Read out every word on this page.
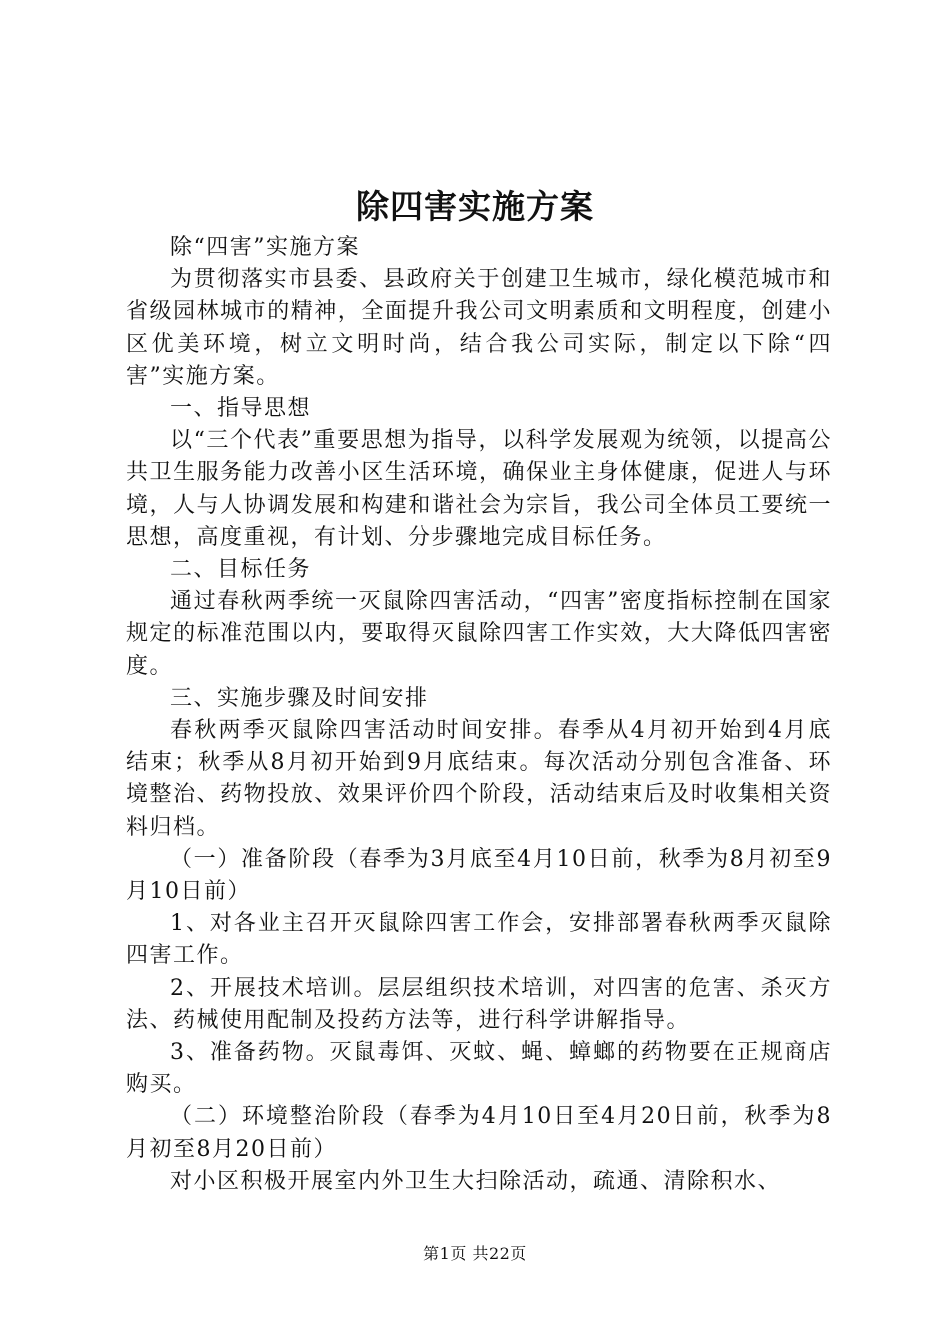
除四害实施方案

除“四害”实施方案

为贯彻落实市县委、县政府关于创建卫生城市，绿化模范城市和省级园林城市的精神，全面提升我公司文明素质和文明程度，创建小区优美环境，树立文明时尚，结合我公司实际，制定以下除“四害”实施方案。

一、指导思想

以“三个代表”重要思想为指导，以科学发展观为统领，以提高公共卫生服务能力改善小区生活环境，确保业主身体健康，促进人与环境，人与人协调发展和构建和谐社会为宗旨，我公司全体员工要统一思想，高度重视，有计划、分步骤地完成目标任务。

二、目标任务

通过春秋两季统一灭鼠除四害活动，“四害”密度指标控制在国家规定的标准范围以内，要取得灭鼠除四害工作实效，大大降低四害密度。

三、实施步骤及时间安排

春秋两季灭鼠除四害活动时间安排。春季从4月初开始到4月底结束；秋季从8月初开始到9月底结束。每次活动分别包含准备、环境整治、药物投放、效果评价四个阶段，活动结束后及时收集相关资料归档。

（一）准备阶段（春季为3月底至4月10日前，秋季为8月初至9月10日前）

1、对各业主召开灭鼠除四害工作会，安排部署春秋两季灭鼠除四害工作。

2、开展技术培训。层层组织技术培训，对四害的危害、杀灭方法、药械使用配制及投药方法等，进行科学讲解指导。

3、准备药物。灭鼠毒饵、灭蚊、蝇、蟑螂的药物要在正规商店购买。

（二）环境整治阶段（春季为4月10日至4月20日前，秋季为8月初至8月20日前）

对小区积极开展室内外卫生大扫除活动，疏通、清除积水、

第1页 共22页
